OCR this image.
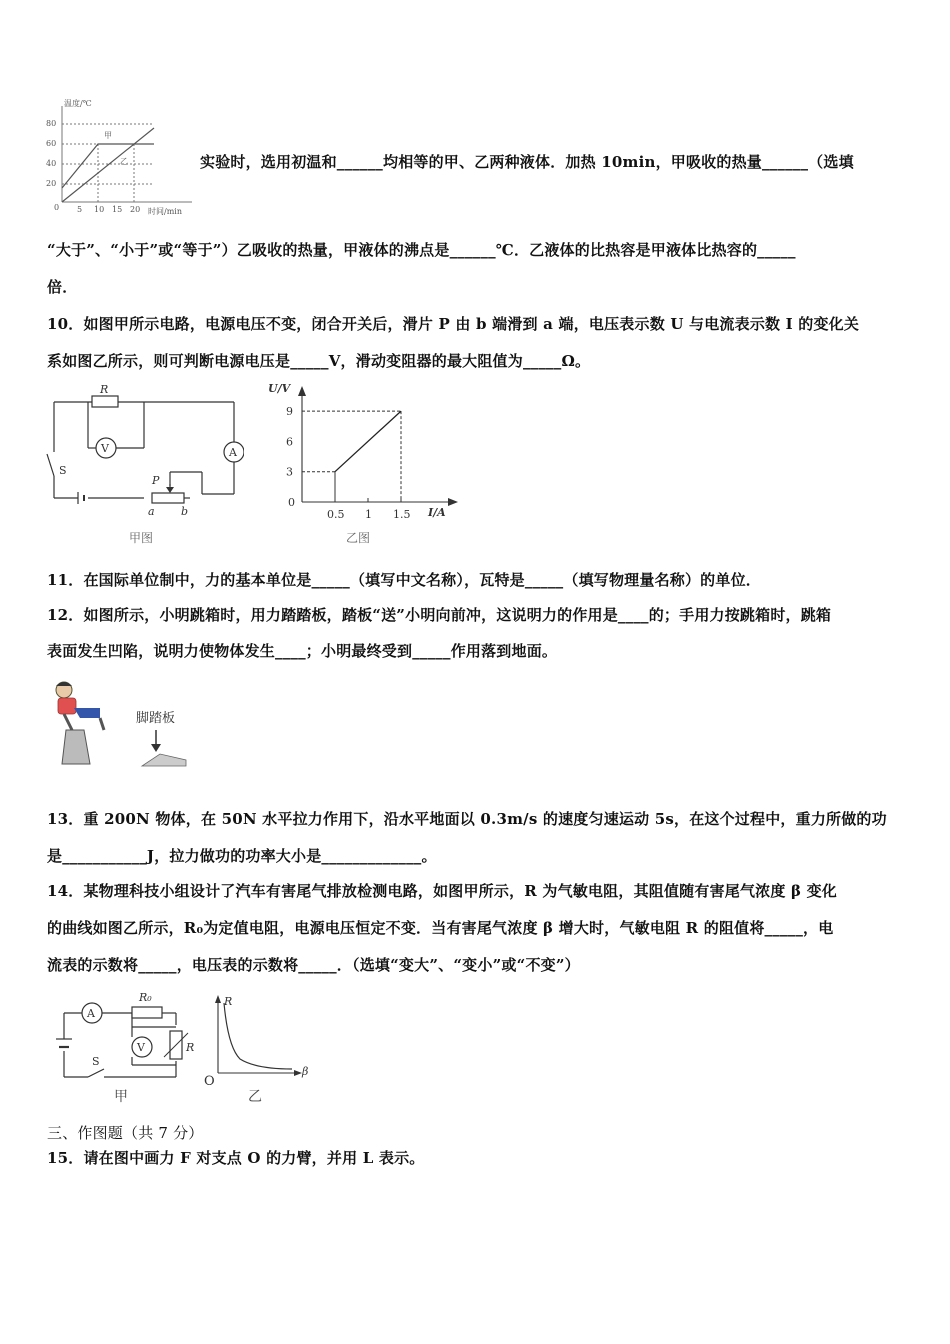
温度/℃
80
60
40
20
0 5 10 15 20 时间/min
甲
乙	实验时，选用初温和______均相等的甲、乙两种液体．加热 10min，甲吸收的热量______（选填
“大于”、“小于”或“等于”）乙吸收的热量，甲液体的沸点是______℃．乙液体的比热容是甲液体比热容的_____
倍．
10．如图甲所示电路，电源电压不变，闭合开关后，滑片 P 由 b 端滑到 a 端，电压表示数 U 与电流表示数 I 的变化关
系如图乙所示，则可判断电源电压是_____V，滑动变阻器的最大阻值为_____Ω。
R
V	A
S
P
a b
甲图
3
6
9
0.5 1 1.5
U/V
I/A
0
乙图
11．在国际单位制中，力的基本单位是_____（填写中文名称），瓦特是_____（填写物理量名称）的单位．
12．如图所示，小明跳箱时，用力踏踏板，踏板“送”小明向前冲，这说明力的作用是____的；手用力按跳箱时，跳箱
表面发生凹陷，说明力使物体发生____；小明最终受到_____作用落到地面。
脚踏板
13．重 200N 物体，在 50N 水平拉力作用下，沿水平地面以 0.3m/s 的速度匀速运动 5s，在这个过程中，重力所做的功
是___________J，拉力做功的功率大小是_____________。
14．某物理科技小组设计了汽车有害尾气排放检测电路，如图甲所示，R 为气敏电阻，其阻值随有害尾气浓度 β 变化
的曲线如图乙所示，R₀为定值电阻，电源电压恒定不变．当有害尾气浓度 β 增大时，气敏电阻 R 的阻值将_____，电
流表的示数将_____，电压表的示数将_____．（选填“变大”、“变小”或“不变”）
A
R₀
V	R
S
甲
R
β
O
乙
三、作图题（共 7 分）
15．请在图中画力 F 对支点 O 的力臂，并用 L 表示。
